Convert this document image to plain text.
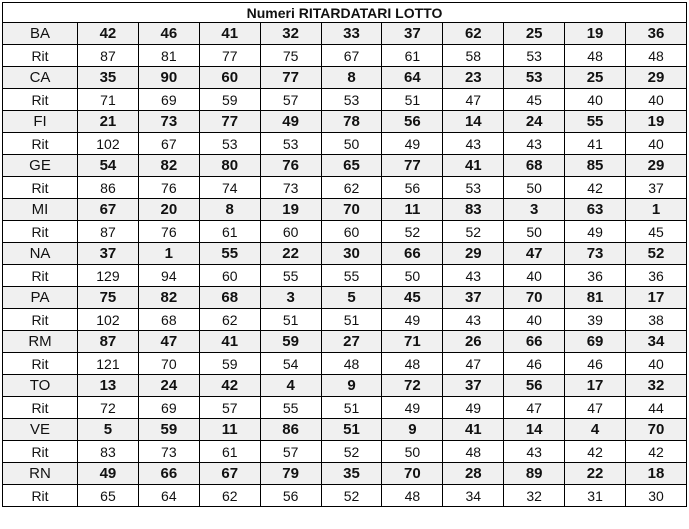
Numeri RITARDATARI LOTTO										
BA	42	46	41	32	33	37	62	25	19	36
Rit	87	81	77	75	67	61	58	53	48	48
CA	35	90	60	77	8	64	23	53	25	29
Rit	71	69	59	57	53	51	47	45	40	40
FI	21	73	77	49	78	56	14	24	55	19
Rit	102	67	53	53	50	49	43	43	41	40
GE	54	82	80	76	65	77	41	68	85	29
Rit	86	76	74	73	62	56	53	50	42	37
MI	67	20	8	19	70	11	83	3	63	1
Rit	87	76	61	60	60	52	52	50	49	45
NA	37	1	55	22	30	66	29	47	73	52
Rit	129	94	60	55	55	50	43	40	36	36
PA	75	82	68	3	5	45	37	70	81	17
Rit	102	68	62	51	51	49	43	40	39	38
RM	87	47	41	59	27	71	26	66	69	34
Rit	121	70	59	54	48	48	47	46	46	40
TO	13	24	42	4	9	72	37	56	17	32
Rit	72	69	57	55	51	49	49	47	47	44
VE	5	59	11	86	51	9	41	14	4	70
Rit	83	73	61	57	52	50	48	43	42	42
RN	49	66	67	79	35	70	28	89	22	18
Rit	65	64	62	56	52	48	34	32	31	30
